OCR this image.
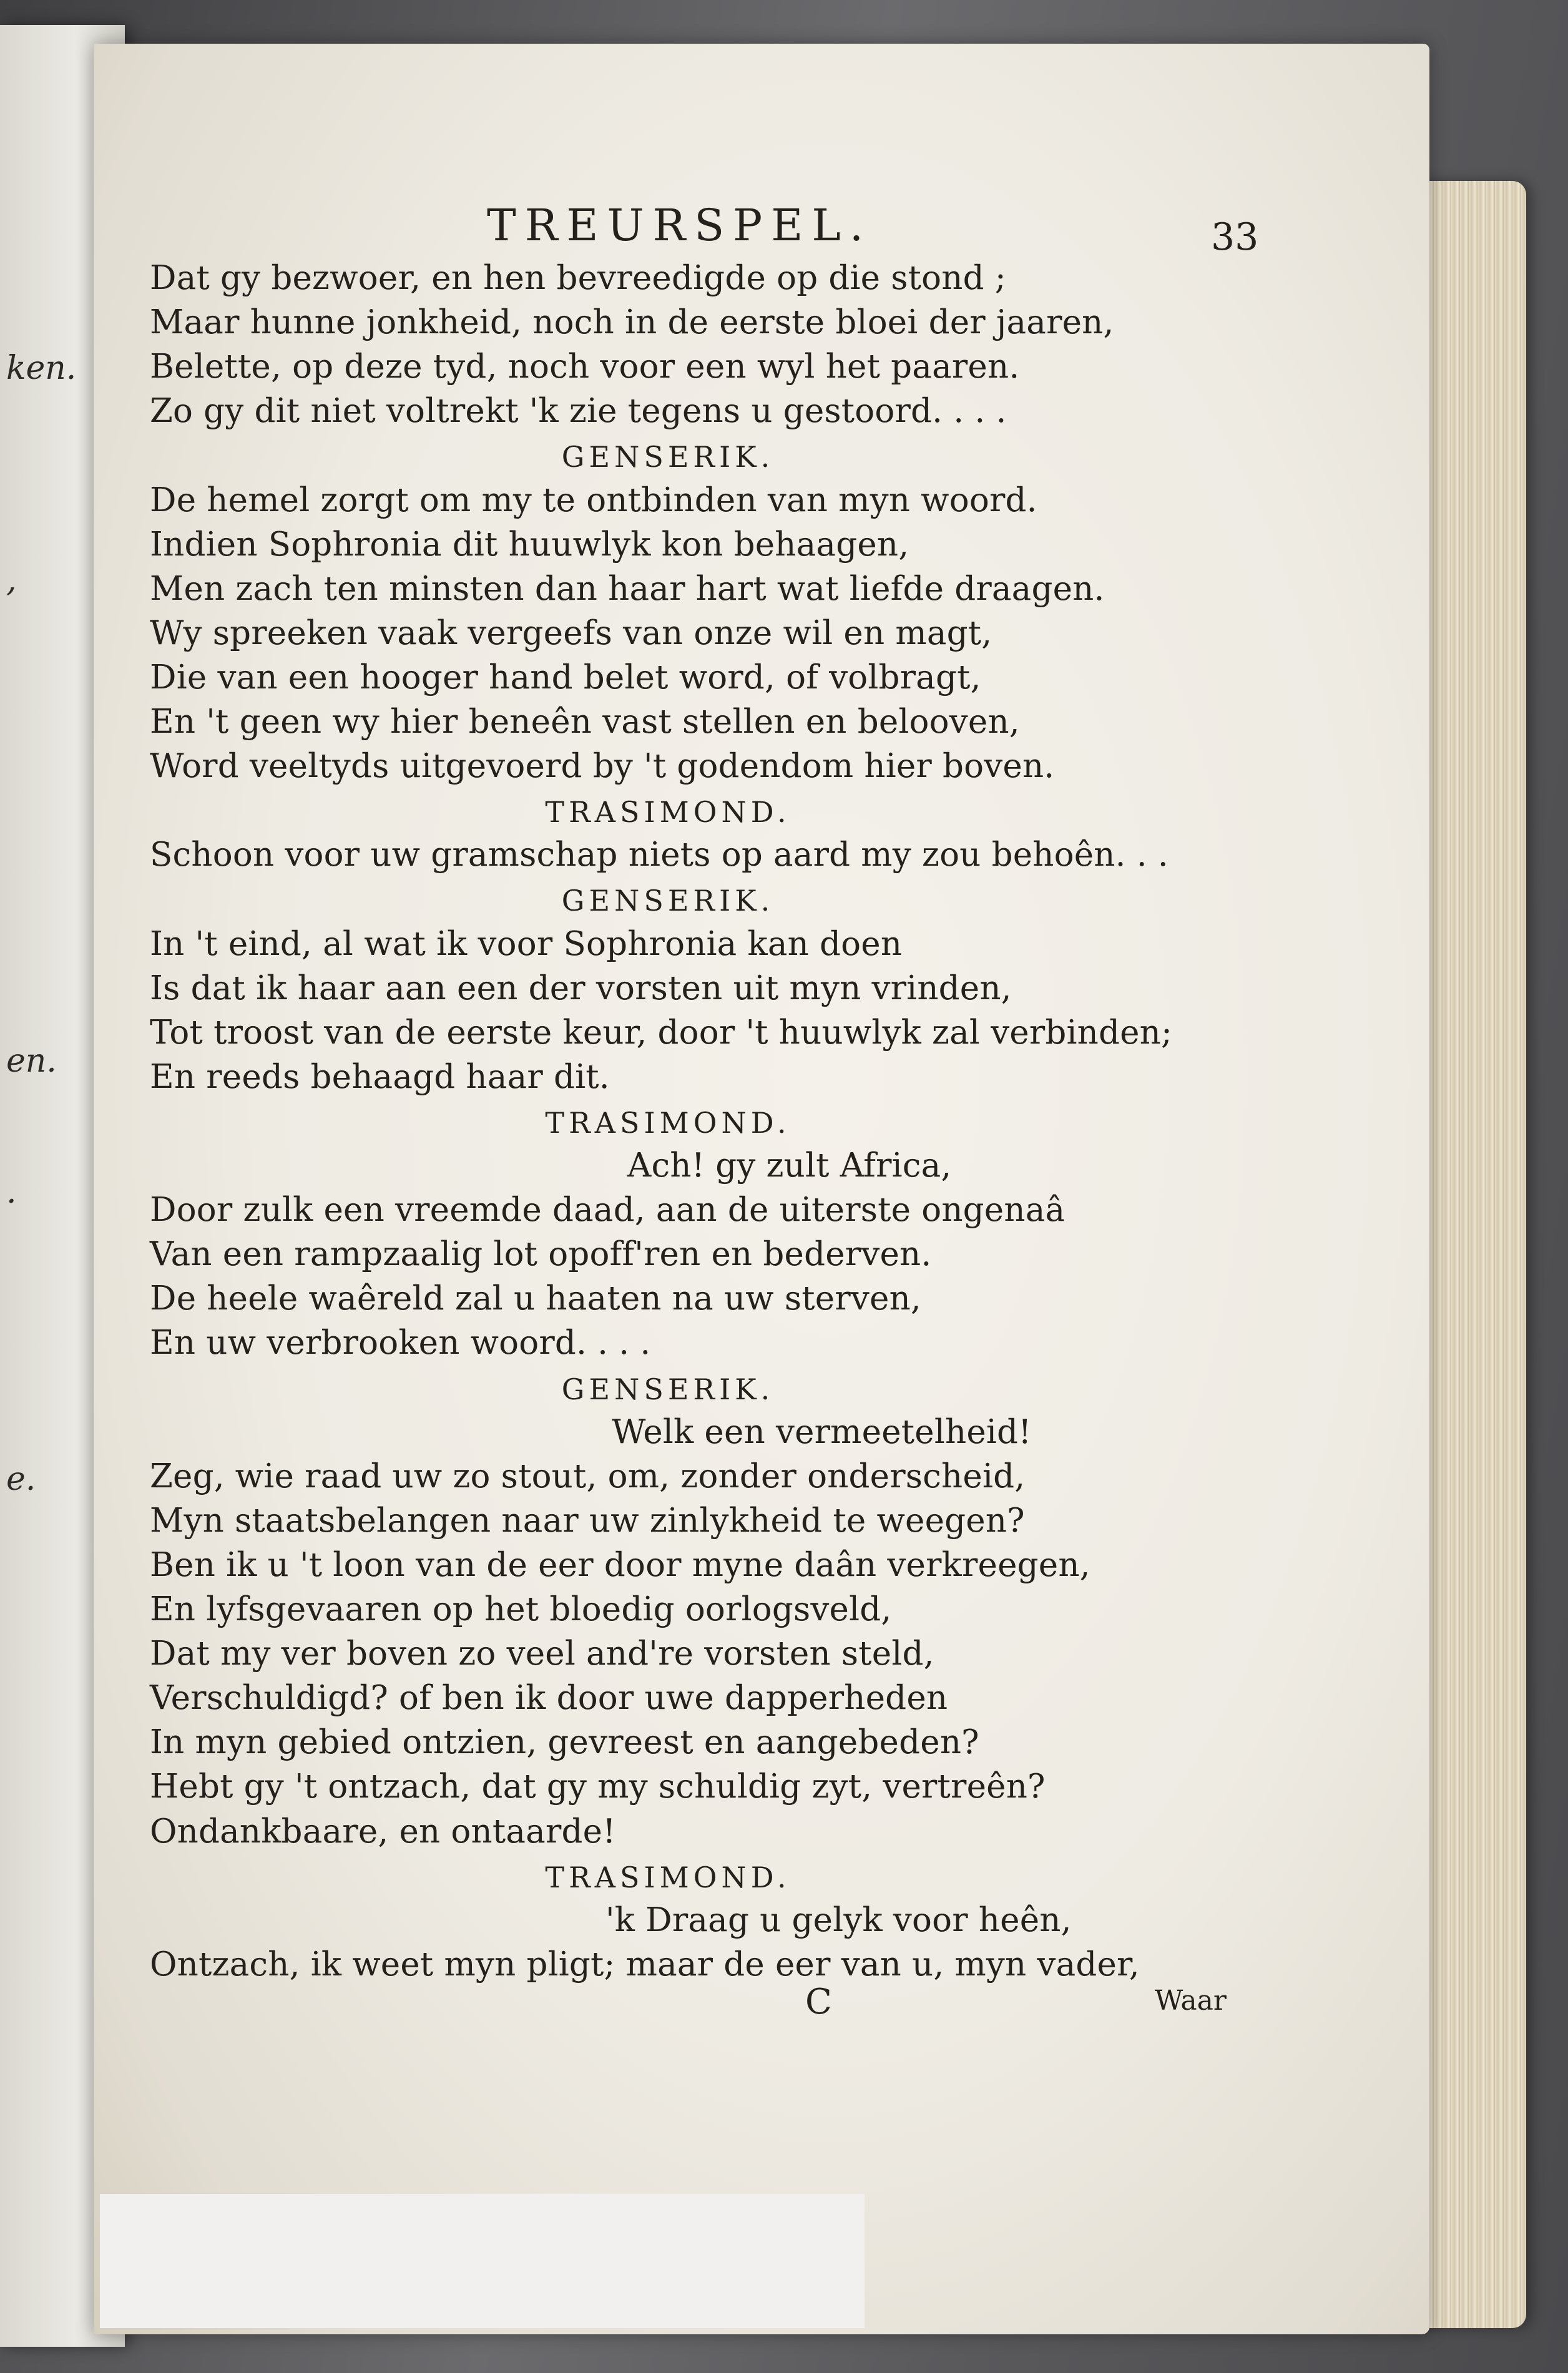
ken.
,
en.
.
e.
TREURSPEL.	33
Dat gy bezwoer, en hen bevreedigde op die stond ;
Maar hunne jonkheid, noch in de eerste bloei der jaaren,
Belette, op deze tyd, noch voor een wyl het paaren.
Zo gy dit niet voltrekt 'k zie tegens u gestoord. . . .
GENSERIK.
De hemel zorgt om my te ontbinden van myn woord.
Indien Sophronia dit huuwlyk kon behaagen,
Men zach ten minsten dan haar hart wat liefde draagen.
Wy spreeken vaak vergeefs van onze wil en magt,
Die van een hooger hand belet word, of volbragt,
En 't geen wy hier beneên vast stellen en belooven,
Word veeltyds uitgevoerd by 't godendom hier boven.
TRASIMOND.
Schoon voor uw gramschap niets op aard my zou behoên. . .
GENSERIK.
In 't eind, al wat ik voor Sophronia kan doen
Is dat ik haar aan een der vorsten uit myn vrinden,
Tot troost van de eerste keur, door 't huuwlyk zal verbinden;
En reeds behaagd haar dit.
TRASIMOND.
Ach! gy zult Africa,
Door zulk een vreemde daad, aan de uiterste ongenaâ
Van een rampzaalig lot opoff'ren en bederven.
De heele waêreld zal u haaten na uw sterven,
En uw verbrooken woord. . . .
GENSERIK.
Welk een vermeetelheid!
Zeg, wie raad uw zo stout, om, zonder onderscheid,
Myn staatsbelangen naar uw zinlykheid te weegen?
Ben ik u 't loon van de eer door myne daân verkreegen,
En lyfsgevaaren op het bloedig oorlogsveld,
Dat my ver boven zo veel and're vorsten steld,
Verschuldigd? of ben ik door uwe dapperheden
In myn gebied ontzien, gevreest en aangebeden?
Hebt gy 't ontzach, dat gy my schuldig zyt, vertreên?
Ondankbaare, en ontaarde!
TRASIMOND.
'k Draag u gelyk voor heên,
Ontzach, ik weet myn pligt; maar de eer van u, myn vader,
C	Waar
